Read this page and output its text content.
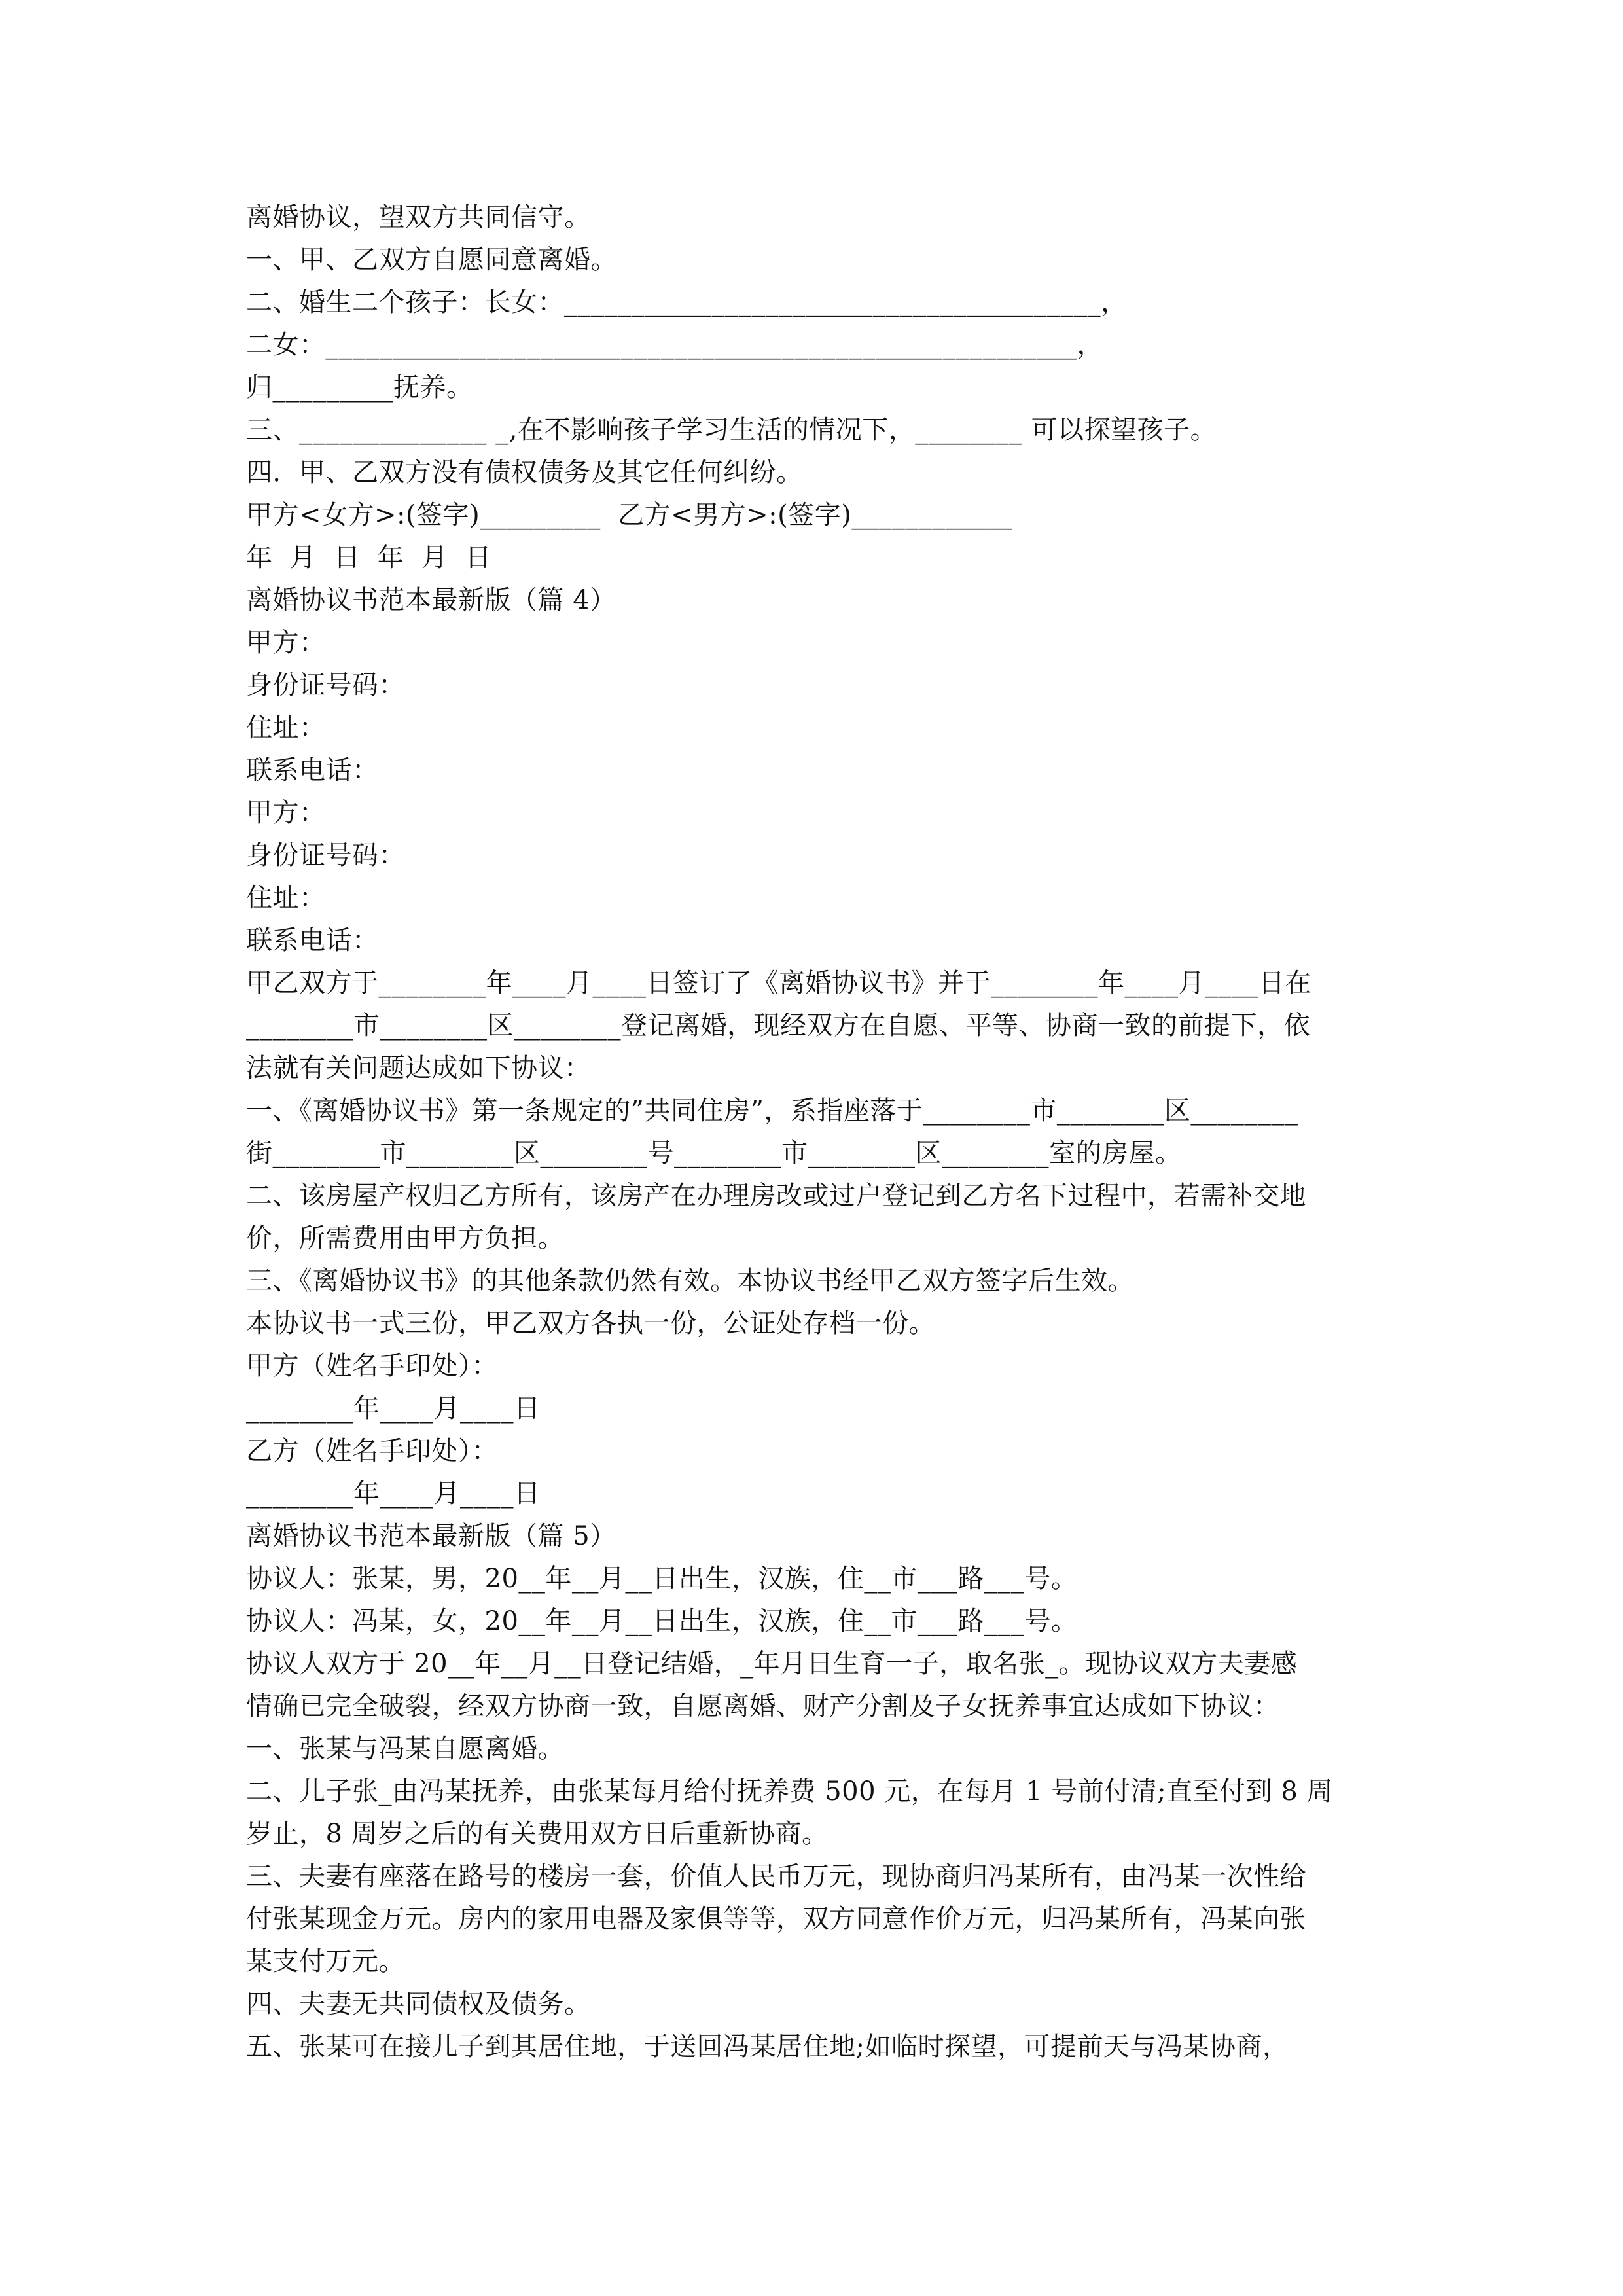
离婚协议，望双方共同信守。
一、甲、乙双方自愿同意离婚。
二、婚生二个孩子：长女：________________________________________，
二女：________________________________________________________，
归_________抚养。
三、______________ _,在不影响孩子学习生活的情况下，________ 可以探望孩子。
四．甲、乙双方没有债权债务及其它任何纠纷。
甲方<女方>:(签字)_________  乙方<男方>:(签字)____________
年  月  日  年  月  日
离婚协议书范本最新版（篇 4）
甲方：
身份证号码：
住址：
联系电话：
甲方：
身份证号码：
住址：
联系电话：
甲乙双方于________年____月____日签订了《离婚协议书》并于________年____月____日在
________市________区________登记离婚，现经双方在自愿、平等、协商一致的前提下，依
法就有关问题达成如下协议：
一、《离婚协议书》第一条规定的”共同住房”，系指座落于________市________区________
街________市________区________号________市________区________室的房屋。
二、该房屋产权归乙方所有，该房产在办理房改或过户登记到乙方名下过程中，若需补交地
价，所需费用由甲方负担。
三、《离婚协议书》的其他条款仍然有效。本协议书经甲乙双方签字后生效。
本协议书一式三份，甲乙双方各执一份，公证处存档一份。
甲方（姓名手印处）：
________年____月____日
乙方（姓名手印处）：
________年____月____日
离婚协议书范本最新版（篇 5）
协议人：张某，男，20__年__月__日出生，汉族，住__市___路___号。
协议人：冯某，女，20__年__月__日出生，汉族，住__市___路___号。
协议人双方于 20__年__月__日登记结婚，_年月日生育一子，取名张_。现协议双方夫妻感
情确已完全破裂，经双方协商一致，自愿离婚、财产分割及子女抚养事宜达成如下协议：
一、张某与冯某自愿离婚。
二、儿子张_由冯某抚养，由张某每月给付抚养费 500 元，在每月 1 号前付清;直至付到 8 周
岁止，8 周岁之后的有关费用双方日后重新协商。
三、夫妻有座落在路号的楼房一套，价值人民币万元，现协商归冯某所有，由冯某一次性给
付张某现金万元。房内的家用电器及家俱等等，双方同意作价万元，归冯某所有，冯某向张
某支付万元。
四、夫妻无共同债权及债务。
五、张某可在接儿子到其居住地，于送回冯某居住地;如临时探望，可提前天与冯某协商，
